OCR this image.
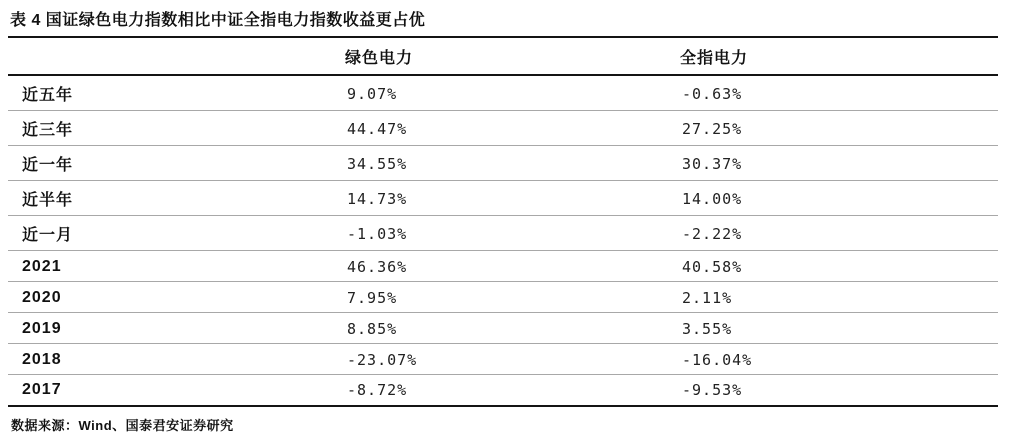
表 4 国证绿色电力指数相比中证全指电力指数收益更占优
	绿色电力	全指电力
近五年	9.07%	-0.63%
近三年	44.47%	27.25%
近一年	34.55%	30.37%
近半年	14.73%	14.00%
近一月	-1.03%	-2.22%
2021	46.36%	40.58%
2020	7.95%	2.11%
2019	8.85%	3.55%
2018	-23.07%	-16.04%
2017	-8.72%	-9.53%
数据来源：Wind、国泰君安证券研究
